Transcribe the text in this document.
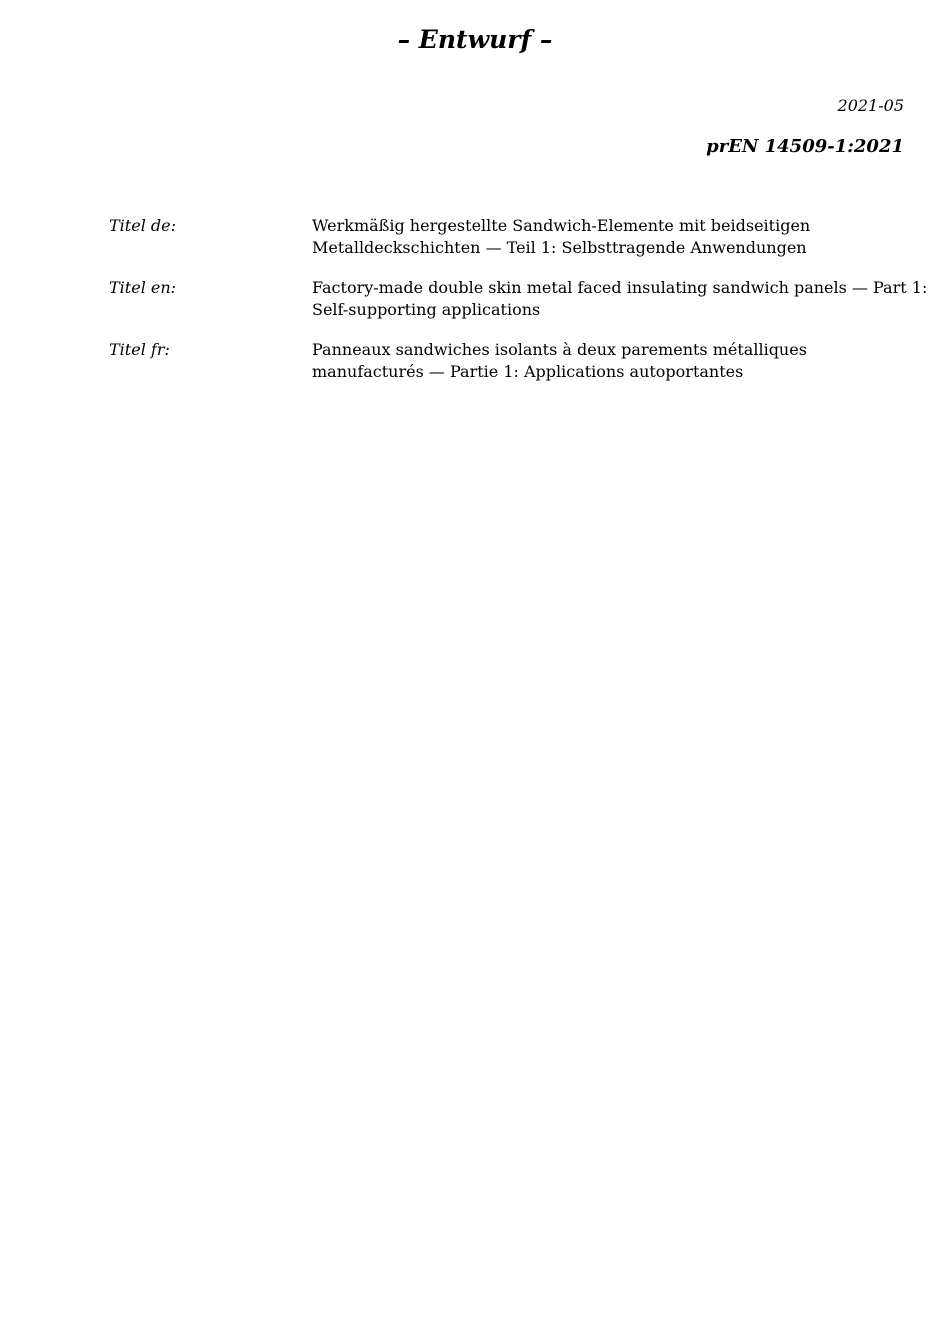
– Entwurf –
2021-05
prEN 14509-1:2021
Titel de:	Werkmäßig hergestellte Sandwich-Elemente mit beidseitigen
Metalldeckschichten — Teil 1: Selbsttragende Anwendungen
Titel en:	Factory-made double skin metal faced insulating sandwich panels — Part 1:
Self-supporting applications
Titel fr:	Panneaux sandwiches isolants à deux parements métalliques
manufacturés — Partie 1: Applications autoportantes
